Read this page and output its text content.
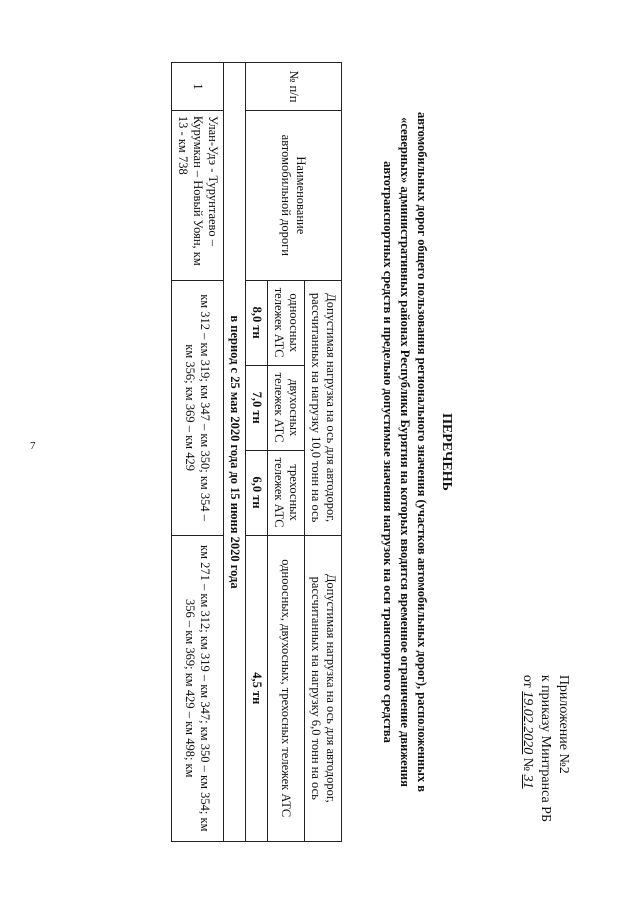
7
Приложение №2
к приказу Минтранса РБ
от 19.02.2020 № 31
ПЕРЕЧЕНЬ
автомобильных дорог общего пользования регионального значения (участков автомобильных дорог), расположенных в «северных» административных районах Республики Бурятия на которых вводится временное ограничение движения автотранспортных средств и предельно допустимые значения нагрузок на оси транспортного средства
№ п/п	Наименование автомобильной дороги	Допустимая нагрузка на ось для автодорог, рассчитанных на нагрузку 10,0 тонн на ось			Допустимая нагрузка на ось для автодорог, рассчитанных на нагрузку 6,0 тонн на ось
		одноосных тележек АТС	двухосных тележек АТС	трехосных тележек АТС	одноосных, двухосных, трехосных тележек АТС
		8,0 тн	7,0 тн	6,0 тн	4,5 тн
в период с 25 мая 2020 года до 15 июня 2020 года					
1	Улан-Удэ - Турунтаево – Курумкан – Новый Уоян, км 13 - км 738	км 312 – км 319; км 347 – км 350; км 354 – км 356; км 369 – км 429			км 271 – км 312; км 319 – км 347; км 350 – км 354; км 356 – км 369; км 429 – км 498; км
